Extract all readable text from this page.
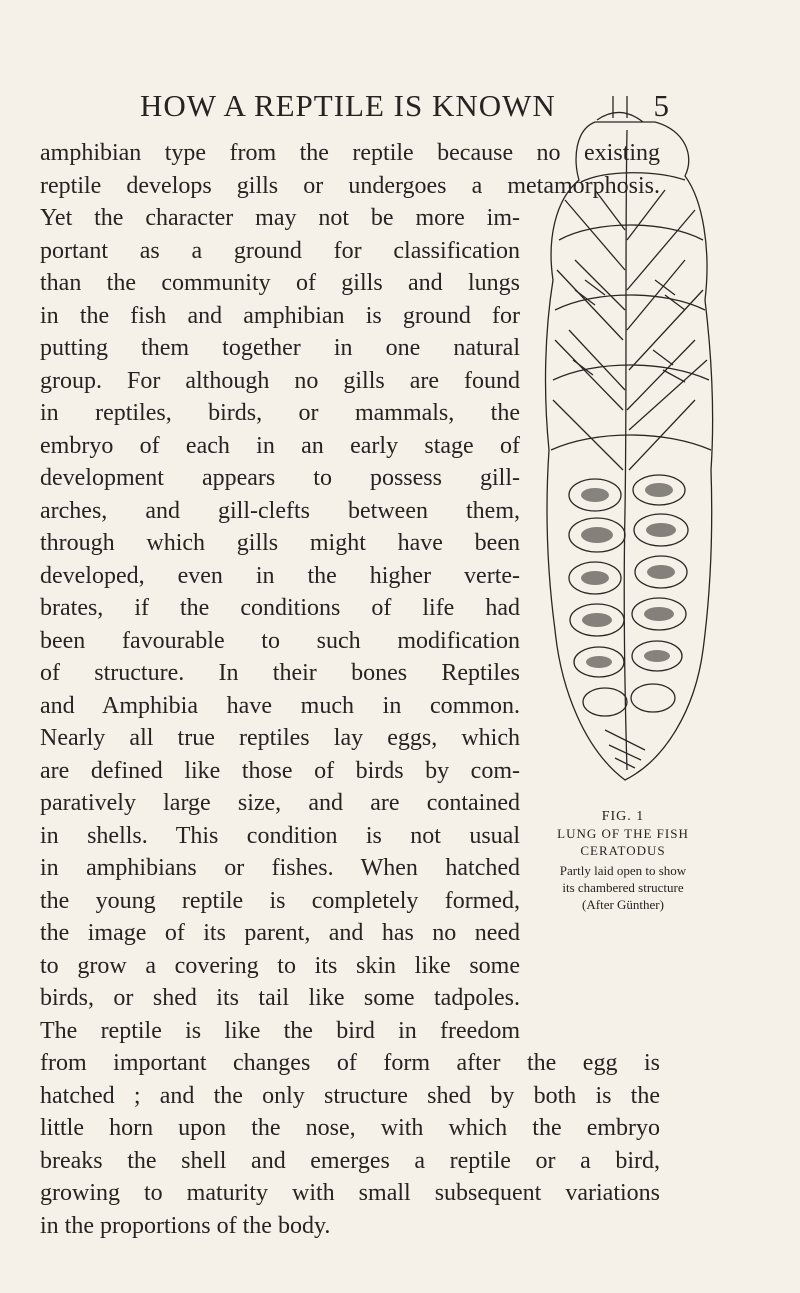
HOW A REPTILE IS KNOWN	5
amphibian type from the reptile because no existing
reptile develops gills or undergoes a metamorphosis.
Yet the character may not be more im-
portant as a ground for classification
than the community of gills and lungs
in the fish and amphibian is ground for
putting them together in one natural
group. For although no gills are found
in reptiles, birds, or mammals, the
embryo of each in an early stage of
development appears to possess gill-
arches, and gill-clefts between them,
through which gills might have been
developed, even in the higher verte-
brates, if the conditions of life had
been favourable to such modification
of structure. In their bones Reptiles
and Amphibia have much in common.
Nearly all true reptiles lay eggs, which
are defined like those of birds by com-
paratively large size, and are contained
in shells. This condition is not usual
in amphibians or fishes. When hatched
the young reptile is completely formed,
the image of its parent, and has no need
to grow a covering to its skin like some
birds, or shed its tail like some tadpoles.
The reptile is like the bird in freedom
from important changes of form after the egg is
hatched ; and the only structure shed by both is the
little horn upon the nose, with which the embryo
breaks the shell and emerges a reptile or a bird,
growing to maturity with small subsequent variations
in the proportions of the body.
FIG. 1
LUNG OF THE FISH
CERATODUS
Partly laid open to show
its chambered structure
(After Günther)
